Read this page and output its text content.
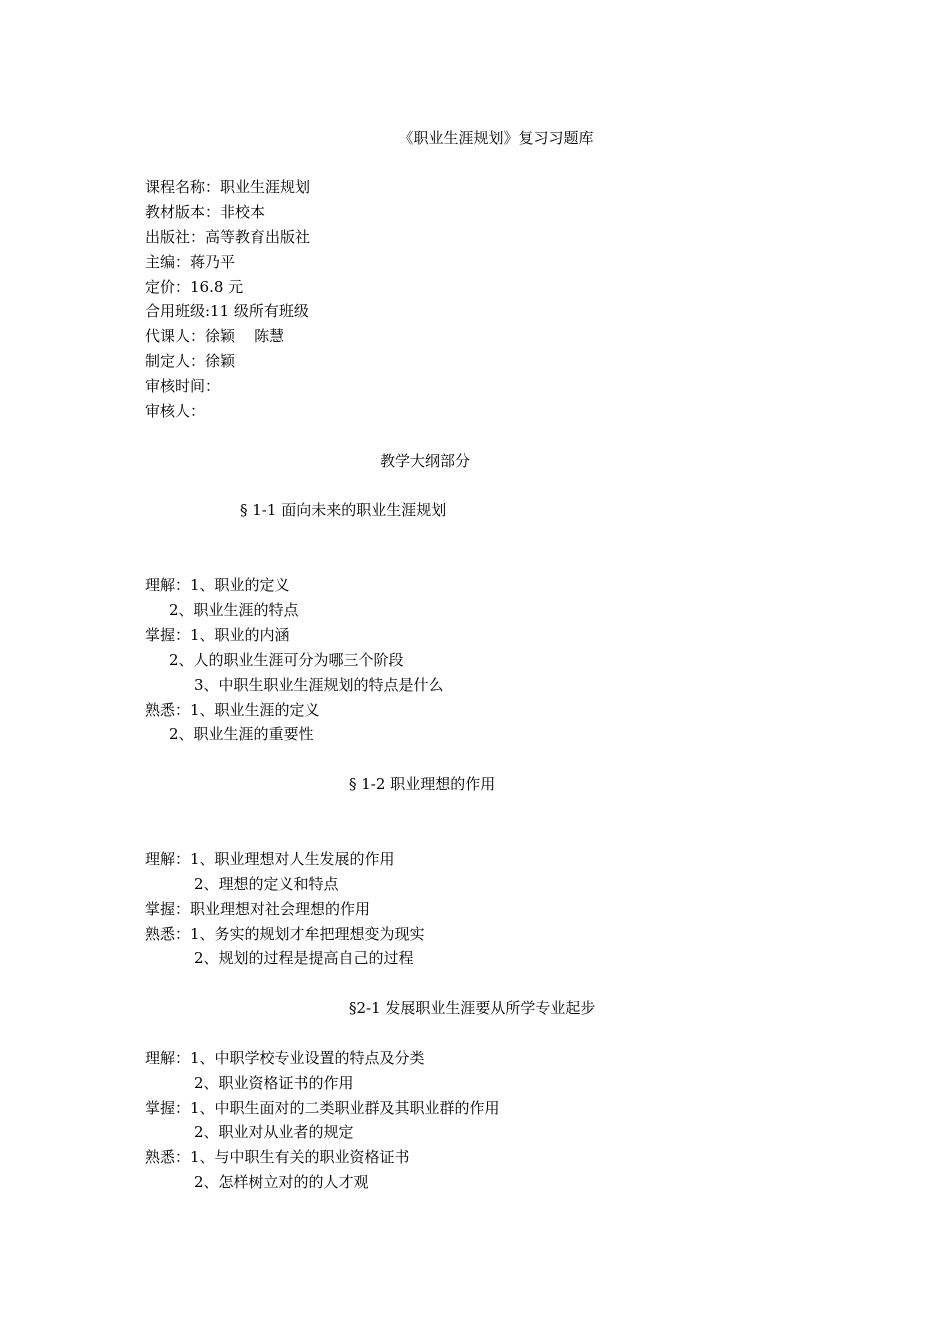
《职业生涯规划》复习习题库
课程名称：职业生涯规划
教材版本：非校本
出版社：高等教育出版社
主编：蒋乃平
定价：16.8 元
合用班级:11 级所有班级
代课人：徐颖    陈慧
制定人：徐颖
审核时间：
审核人：
教学大纲部分
§ 1-1 面向未来的职业生涯规划
理解：1、职业的定义
2、职业生涯的特点
掌握：1、职业的内涵
2、人的职业生涯可分为哪三个阶段
3、中职生职业生涯规划的特点是什么
熟悉：1、职业生涯的定义
2、职业生涯的重要性
§ 1-2 职业理想的作用
理解：1、职业理想对人生发展的作用
2、理想的定义和特点
掌握：职业理想对社会理想的作用
熟悉：1、务实的规划才牟把理想变为现实
2、规划的过程是提高自己的过程
§2-1 发展职业生涯要从所学专业起步
理解：1、中职学校专业设置的特点及分类
2、职业资格证书的作用
掌握：1、中职生面对的二类职业群及其职业群的作用
2、职业对从业者的规定
熟悉：1、与中职生有关的职业资格证书
2、怎样树立对的的人才观
